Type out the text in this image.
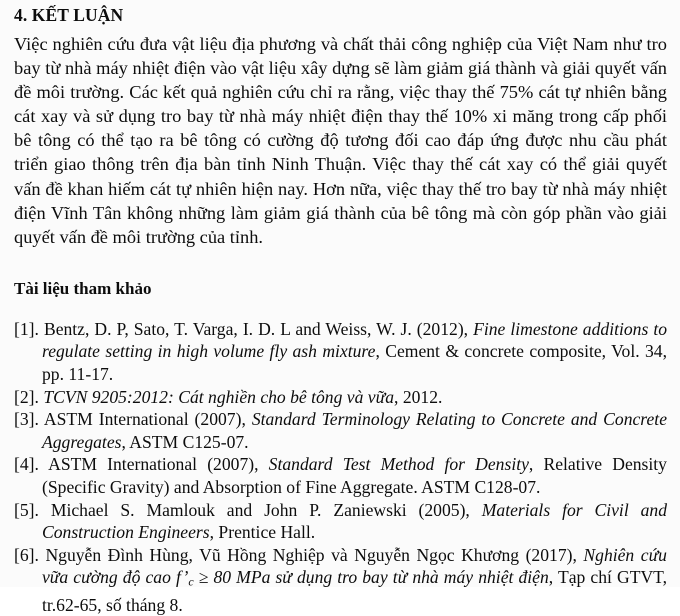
4. KẾT LUẬN

Việc nghiên cứu đưa vật liệu địa phương và chất thải công nghiệp của Việt Nam như tro bay từ nhà máy nhiệt điện vào vật liệu xây dựng sẽ làm giảm giá thành và giải quyết vấn đề môi trường. Các kết quả nghiên cứu chỉ ra rằng, việc thay thế 75% cát tự nhiên bằng cát xay và sử dụng tro bay từ nhà máy nhiệt điện thay thế 10% xi măng trong cấp phối bê tông có thể tạo ra bê tông có cường độ tương đối cao đáp ứng được nhu cầu phát triển giao thông trên địa bàn tỉnh Ninh Thuận. Việc thay thế cát xay có thể giải quyết vấn đề khan hiếm cát tự nhiên hiện nay. Hơn nữa, việc thay thế tro bay từ nhà máy nhiệt điện Vĩnh Tân không những làm giảm giá thành của bê tông mà còn góp phần vào giải quyết vấn đề môi trường của tỉnh.

Tài liệu tham khảo
[1]. Bentz, D. P, Sato, T. Varga, I. D. L and Weiss, W. J. (2012), Fine limestone additions to regulate setting in high volume fly ash mixture, Cement & concrete composite, Vol. 34, pp. 11-17.
[2]. TCVN 9205:2012: Cát nghiền cho bê tông và vữa, 2012.
[3]. ASTM International (2007), Standard Terminology Relating to Concrete and Concrete Aggregates, ASTM C125-07.
[4]. ASTM International (2007), Standard Test Method for Density, Relative Density (Specific Gravity) and Absorption of Fine Aggregate. ASTM C128-07.
[5]. Michael S. Mamlouk and John P. Zaniewski (2005), Materials for Civil and Construction Engineers, Prentice Hall.
[6]. Nguyễn Đình Hùng, Vũ Hồng Nghiệp và Nguyễn Ngọc Khương (2017), Nghiên cứu vữa cường độ cao $f’_c \ge 80$ MPa sử dụng tro bay từ nhà máy nhiệt điện, Tạp chí GTVT, tr.62-65, số tháng 8.
